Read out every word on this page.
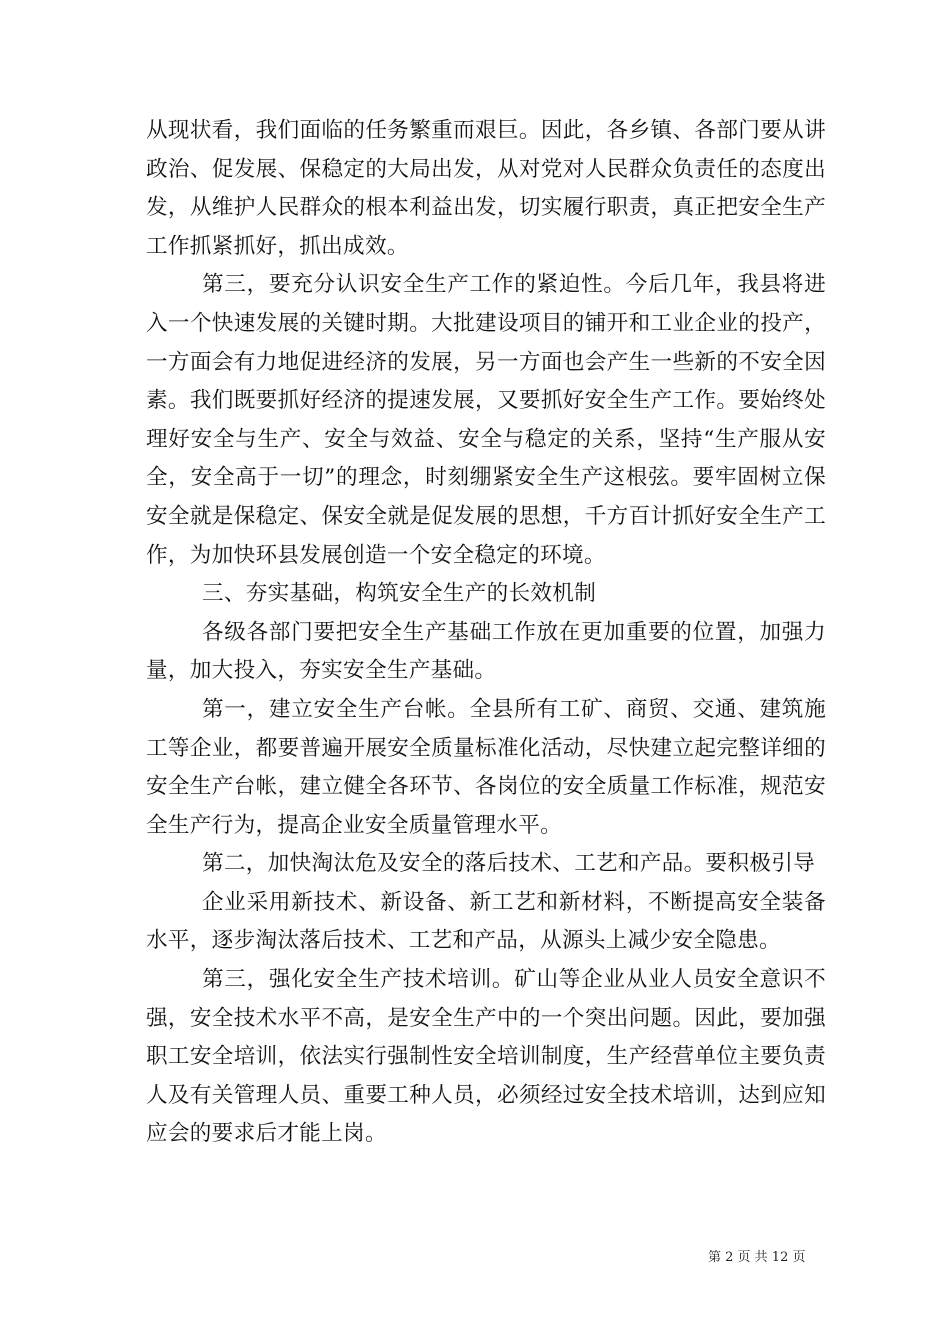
从现状看，我们面临的任务繁重而艰巨。因此，各乡镇、各部门要从讲政治、促发展、保稳定的大局出发，从对党对人民群众负责任的态度出发，从维护人民群众的根本利益出发，切实履行职责，真正把安全生产工作抓紧抓好，抓出成效。

第三，要充分认识安全生产工作的紧迫性。今后几年，我县将进入一个快速发展的关键时期。大批建设项目的铺开和工业企业的投产，一方面会有力地促进经济的发展，另一方面也会产生一些新的不安全因素。我们既要抓好经济的提速发展，又要抓好安全生产工作。要始终处理好安全与生产、安全与效益、安全与稳定的关系，坚持“生产服从安全，安全高于一切”的理念，时刻绷紧安全生产这根弦。要牢固树立保安全就是保稳定、保安全就是促发展的思想，千方百计抓好安全生产工作，为加快环县发展创造一个安全稳定的环境。

三、夯实基础，构筑安全生产的长效机制

各级各部门要把安全生产基础工作放在更加重要的位置，加强力量，加大投入，夯实安全生产基础。

第一，建立安全生产台帐。全县所有工矿、商贸、交通、建筑施工等企业，都要普遍开展安全质量标准化活动，尽快建立起完整详细的安全生产台帐，建立健全各环节、各岗位的安全质量工作标准，规范安全生产行为，提高企业安全质量管理水平。

第二，加快淘汰危及安全的落后技术、工艺和产品。要积极引导

企业采用新技术、新设备、新工艺和新材料，不断提高安全装备水平，逐步淘汰落后技术、工艺和产品，从源头上减少安全隐患。

第三，强化安全生产技术培训。矿山等企业从业人员安全意识不强，安全技术水平不高，是安全生产中的一个突出问题。因此，要加强职工安全培训，依法实行强制性安全培训制度，生产经营单位主要负责人及有关管理人员、重要工种人员，必须经过安全技术培训，达到应知应会的要求后才能上岗。

第 2 页 共 12 页
